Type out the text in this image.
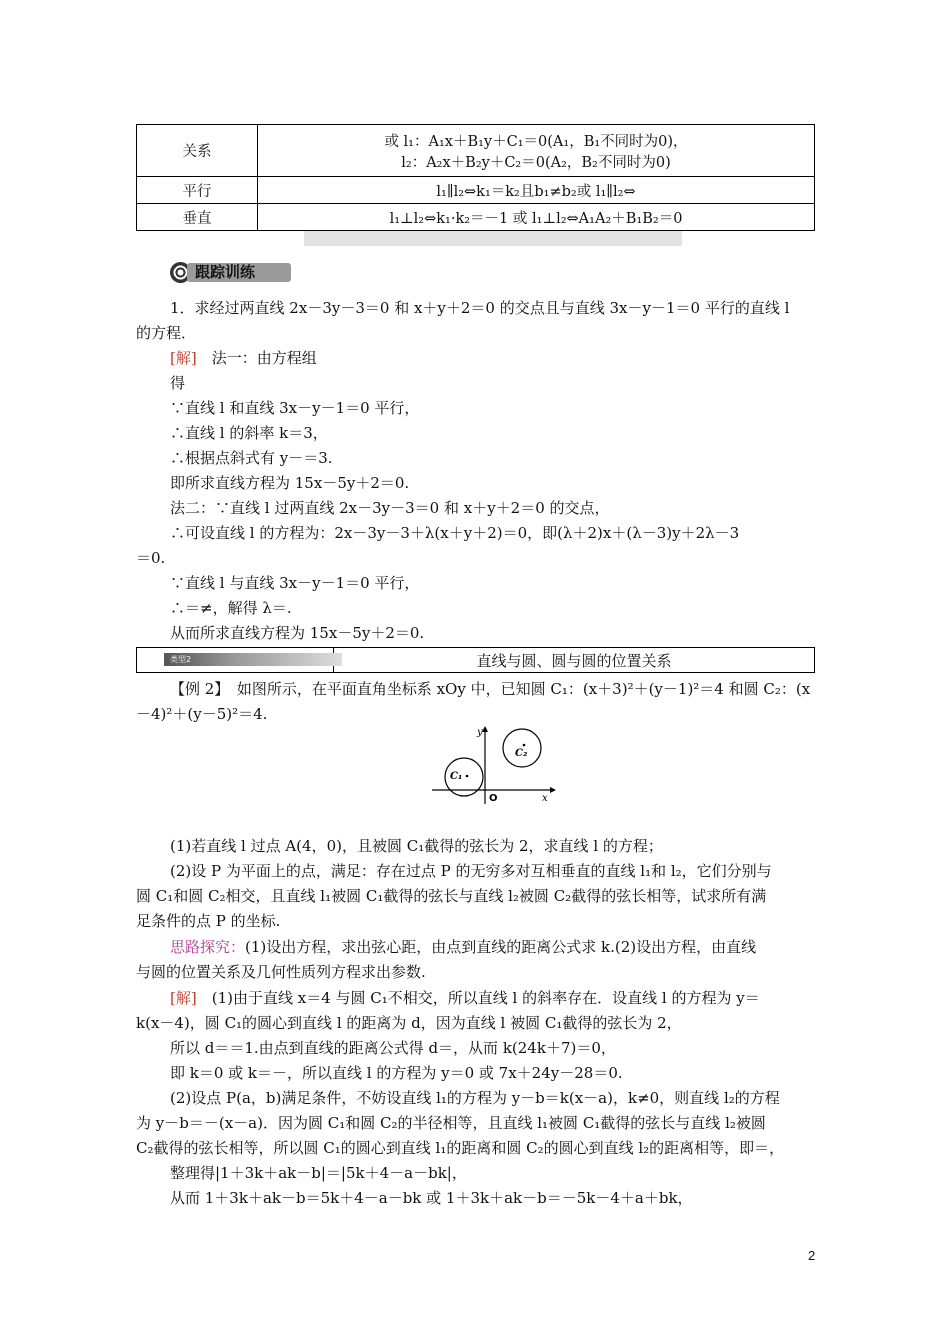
关系	或 l₁：A₁x＋B₁y＋C₁＝0(A₁，B₁不同时为0)，
l₂：A₂x＋B₂y＋C₂＝0(A₂，B₂不同时为0)

平行	l₁∥l₂⇔k₁＝k₂且b₁≠b₂或 l₁∥l₂⇔
垂直	l₁⊥l₂⇔k₁·k₂＝－1 或 l₁⊥l₂⇔A₁A₂＋B₁B₂＝0
跟踪训练
1．求经过两直线 2x－3y－3＝0 和 x＋y＋2＝0 的交点且与直线 3x－y－1＝0 平行的直线 l
的方程．
[解]　 法一：由方程组
得
∵直线 l 和直线 3x－y－1＝0 平行，
∴直线 l 的斜率 k＝3，
∴根据点斜式有 y－＝3.
即所求直线方程为 15x－5y＋2＝0.
法二：∵直线 l 过两直线 2x－3y－3＝0 和 x＋y＋2＝0 的交点，
∴可设直线 l 的方程为：2x－3y－3＋λ(x＋y＋2)＝0，即(λ＋2)x＋(λ－3)y＋2λ－3
＝0.
∵直线 l 与直线 3x－y－1＝0 平行，
∴＝≠，解得 λ＝.
从而所求直线方程为 15x－5y＋2＝0.
类型2	直线与圆、圆与圆的位置关系
【例 2】　 如图所示，在平面直角坐标系 xOy 中，已知圆 C₁：(x＋3)²＋(y－1)²＝4 和圆 C₂：(x
－4)²＋(y－5)²＝4.
y
x
O
C₁
C₂
(1)若直线 l 过点 A(4，0)，且被圆 C₁截得的弦长为 2，求直线 l 的方程；
(2)设 P 为平面上的点，满足：存在过点 P 的无穷多对互相垂直的直线 l₁和 l₂，它们分别与
圆 C₁和圆 C₂相交，且直线 l₁被圆 C₁截得的弦长与直线 l₂被圆 C₂截得的弦长相等，试求所有满
足条件的点 P 的坐标.
思路探究：(1)设出方程，求出弦心距，由点到直线的距离公式求 k.(2)设出方程，由直线
与圆的位置关系及几何性质列方程求出参数.
[解]　 (1)由于直线 x＝4 与圆 C₁不相交，所以直线 l 的斜率存在．设直线 l 的方程为 y＝
k(x－4)，圆 C₁的圆心到直线 l 的距离为 d，因为直线 l 被圆 C₁截得的弦长为 2，
所以 d＝＝1.由点到直线的距离公式得 d＝，从而 k(24k＋7)＝0，
即 k＝0 或 k＝－，所以直线 l 的方程为 y＝0 或 7x＋24y－28＝0.
(2)设点 P(a，b)满足条件，不妨设直线 l₁的方程为 y－b＝k(x－a)，k≠0，则直线 l₂的方程
为 y－b＝－(x－a)．因为圆 C₁和圆 C₂的半径相等，且直线 l₁被圆 C₁截得的弦长与直线 l₂被圆
C₂截得的弦长相等，所以圆 C₁的圆心到直线 l₁的距离和圆 C₂的圆心到直线 l₂的距离相等，即＝，
整理得|1＋3k＋ak－b|＝|5k＋4－a－bk|，
从而 1＋3k＋ak－b＝5k＋4－a－bk 或 1＋3k＋ak－b＝－5k－4＋a＋bk，
2
